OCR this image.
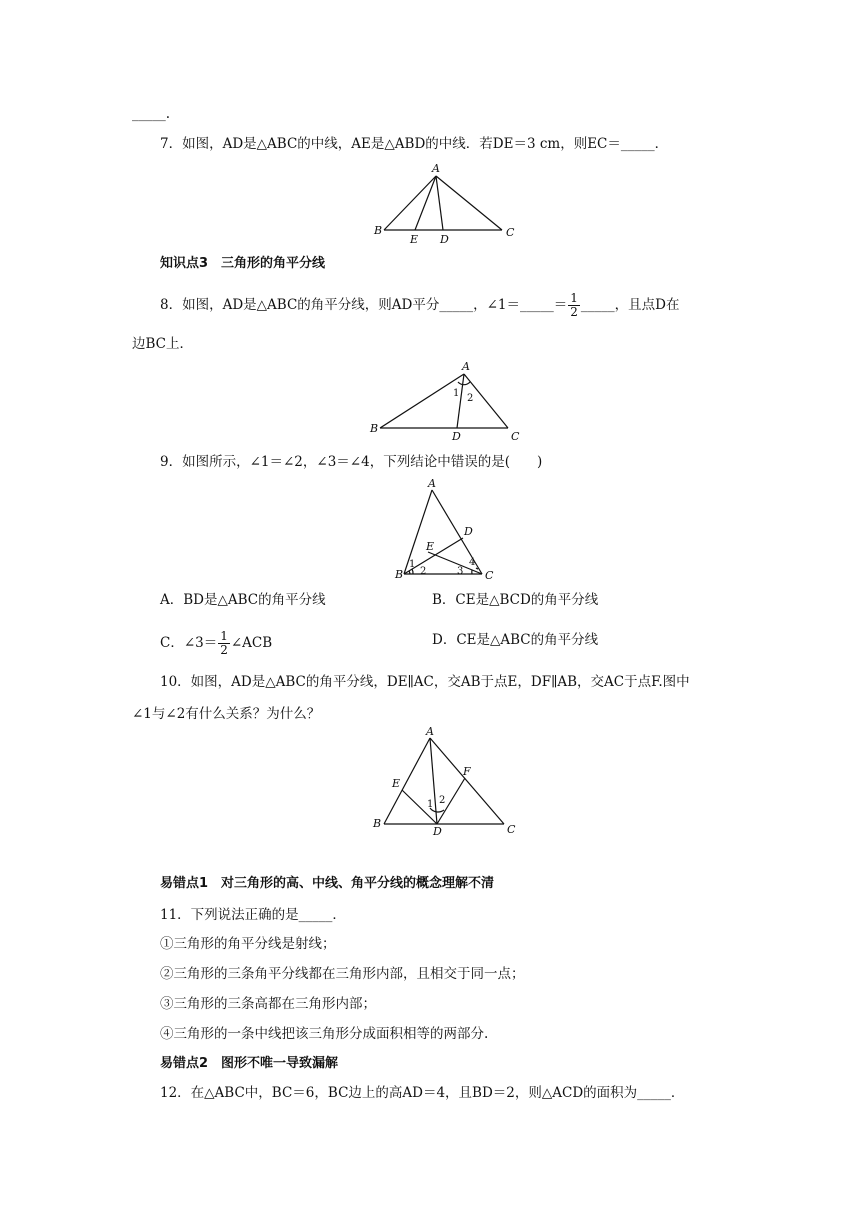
_____.
7．如图，AD是△ABC的中线，AE是△ABD的中线．若DE＝3 cm，则EC＝_____．
A
B	C
E D
知识点3　三角形的角平分线
8．如图，AD是△ABC的角平分线，则AD平分_____，∠1＝_____＝ $\frac{1}{2}$ _____，且点D在
边BC上．
A
B
C
D
1 2
9．如图所示，∠1＝∠2，∠3＝∠4，下列结论中错误的是(　　)
A
B	C
D
E
1
2	3
4
A．BD是△ABC的角平分线	B．CE是△BCD的角平分线
C．∠3＝ $\frac{1}{2}$ ∠ACB	D．CE是△ABC的角平分线
10．如图，AD是△ABC的角平分线，DE∥AC，交AB于点E，DF∥AB，交AC于点F.图中
∠1与∠2有什么关系？为什么？
A
B	C
D
E
F
1 2
易错点1　对三角形的高、中线、角平分线的概念理解不清
11．下列说法正确的是_____．
①三角形的角平分线是射线；
②三角形的三条角平分线都在三角形内部，且相交于同一点；
③三角形的三条高都在三角形内部；
④三角形的一条中线把该三角形分成面积相等的两部分.
易错点2　图形不唯一导致漏解
12．在△ABC中，BC＝6，BC边上的高AD＝4，且BD＝2，则△ACD的面积为_____．
